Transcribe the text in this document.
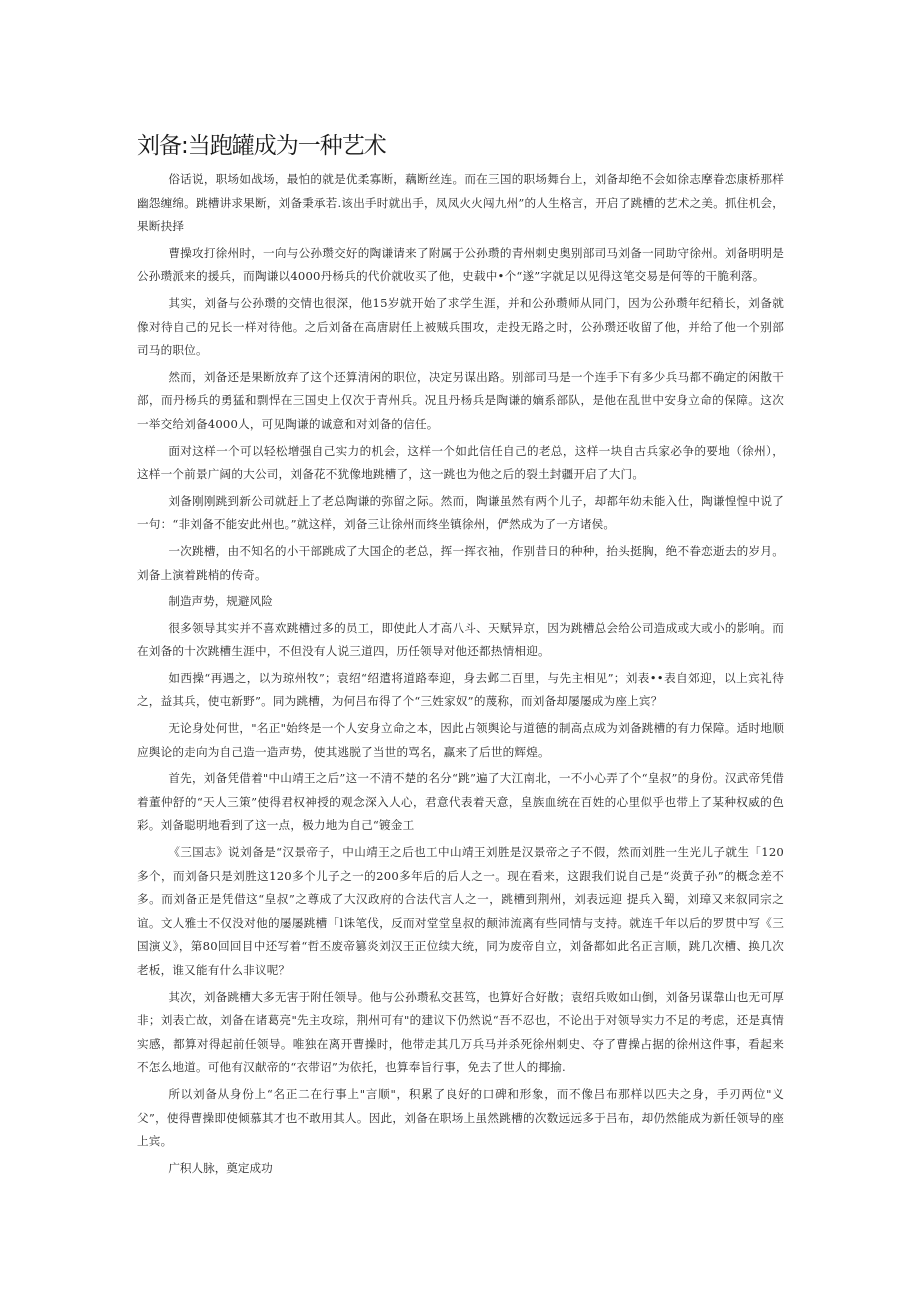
刘备:当跑罐成为一种艺术

俗话说，职场如战场，最怕的就是优柔寡断，藕断丝连。而在三国的职场舞台上，刘备却绝不会如徐志摩眷恋康桥那样幽怨缠绵。跳槽讲求果断，刘备秉承若.该出手时就出手，凤凤火火闯九州”的人生格言，开启了跳槽的艺术之美。抓住机会，果断抉择

曹操攻打徐州时，一向与公孙瓒交好的陶谦请来了附属于公孙瓒的青州刺史奥别部司马刘备一同助守徐州。刘备明明是公孙瓒派来的援兵，而陶谦以4000丹杨兵的代价就收买了他，史载中•个“遂”字就足以见得这笔交易是何等的干脆利落。

其实，刘备与公孙瓒的交情也很深，他15岁就开始了求学生涯，并和公孙瓒师从同门，因为公孙瓒年纪稍长，刘备就像对待自己的兄长一样对待他。之后刘备在高唐尉任上被贼兵围攻，走投无路之时，公孙瓒还收留了他，并给了他一个别部司马的职位。

然而，刘备还是果断放弃了这个还算清闲的职位，决定另谋出路。别部司马是一个连手下有多少兵马都不确定的闲散干部，而丹杨兵的勇猛和剽悍在三国史上仅次于青州兵。况且丹杨兵是陶谦的嫡系部队，是他在乱世中安身立命的保障。这次一举交给刘备4000人，可见陶谦的诚意和对刘备的信任。

面对这样一个可以轻松增强自己实力的机会，这样一个如此信任自己的老总，这样一块自古兵家必争的要地（徐州），这样一个前景广阔的大公司，刘备花不犹像地跳槽了，这一跳也为他之后的裂土封疆开启了大门。

刘备刚刚跳到新公司就赶上了老总陶谦的弥留之际。然而，陶谦虽然有两个儿子，却都年幼未能入仕，陶谦惶惶中说了一句：“非刘备不能安此州也。”就这样，刘备三让徐州而终坐镇徐州，俨然成为了一方诸侯。

一次跳槽，由不知名的小干部跳成了大国企的老总，挥一挥衣袖，作别昔日的种种，抬头挺胸，绝不眷恋逝去的岁月。刘备上演着跳梢的传奇。

制造声势，规避风险

很多领导其实并不喜欢跳槽过多的员工，即使此人才高八斗、天赋异京，因为跳槽总会给公司造成或大或小的影响。而在刘备的十次跳槽生涯中，不但没有人说三道四，历任领导对他还都热情相迎。

如西操“再遇之，以为琼州牧”；袁绍“绍遣将道路奉迎，身去邺二百里，与先主相见”；刘表••表自郊迎，以上宾礼待之，益其兵，使屯新野”。同为跳槽，为何吕布得了个“三姓家奴”的蔑称，而刘备却屡屡成为座上宾？

无论身处何世，"名正"始终是一个人安身立命之本，因此占领舆论与道德的制高点成为刘备跳槽的有力保障。适时地顺应舆论的走向为自己造一造声势，使其逃脱了当世的骂名，赢来了后世的辉煌。

首先，刘备凭借着"中山靖王之后”这一不清不楚的名分“跳”遍了大江南北，一不小心弄了个“皇叔”的身份。汉武帝凭借着董仲舒的“天人三策”使得君权神授的观念深入人心，君意代表着天意，皇族血统在百姓的心里似乎也带上了某种权威的色彩。刘备聪明地看到了这一点，极力地为自己“镀金工

《三国志》说刘备是“汉景帝子，中山靖王之后也工中山靖王刘胜是汉景帝之子不假，然而刘胜一生光儿子就生「120多个，而刘备只是刘胜这120多个儿子之一的200多年后的后人之一。现在看来，这跟我们说自己是“炎黄子孙”的概念差不多。而刘备正是凭借这“皇叔”之尊成了大汉政府的合法代言人之一，跳槽到荆州，刘表远迎 提兵入蜀，刘璋又来叙同宗之谊。文人雅士不仅没对他的屡屡跳槽「l诛笔伐，反而对堂堂皇叔的颠沛流离有些同情与支持。就连千年以后的罗贯中写《三国演义》，第80回回目中还写着“哲丕废帝篡炎刘汉王正位续大统，同为废帝自立，刘备都如此名正言顺，跳几次槽、换几次老板，谁又能有什么非议呢？

其次，刘备跳槽大多无害于附任领导。他与公孙瓒私交甚笃，也算好合好散；袁绍兵败如山倒，刘备另谋靠山也无可厚非；刘表亡故，刘备在诸葛亮"先主攻琮，荆州可有"的建议下仍然说“吾不忍也，不论出于对领导实力不足的考虑，还是真情实感，都算对得起前任领导。唯独在离开曹操时，他带走其几万兵马并杀死徐州刺史、夺了曹操占据的徐州这件事，看起来不怎么地道。可他有汉献帝的“衣带诏”为依托，也算奉旨行事，免去了世人的揶揄.

所以刘备从身份上“名正二在行事上"言顺"，积累了良好的口碑和形象，而不像吕布那样以匹夫之身，手刃两位"义父”，使得曹操即使倾慕其才也不敢用其人。因此，刘备在职场上虽然跳槽的次数远远多于吕布，却仍然能成为新任领导的座上宾。

广积人脉，奠定成功
